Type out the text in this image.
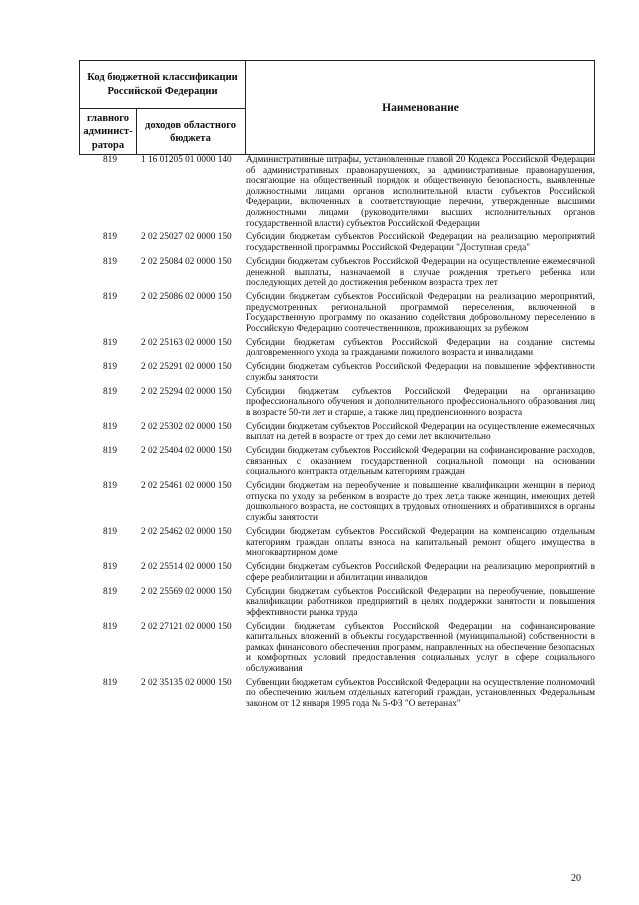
Код бюджетной классификации Российской Федерации
главного админист-ратора
доходов областного бюджета
Наименование
819	1 16 01205 01 0000 140	Административные штрафы, установленные главой 20 Кодекса Российской Федерации об административных правонарушениях, за административные правонарушения, посягающие на общественный порядок и общественную безопасность, выявленные должностными лицами органов исполнительной власти субъектов Российской Федерации, включенных в соответствующие перечни, утвержденные высшими должностными лицами (руководителями высших исполнительных органов государственной власти) субъектов Российской Федерации
819	2 02 25027 02 0000 150	Субсидии бюджетам субъектов Российской Федерации на реализацию мероприятий государственной программы Российской Федерации "Доступная среда"
819	2 02 25084 02 0000 150	Субсидии бюджетам субъектов Российской Федерации на осуществление ежемесячной денежной выплаты, назначаемой в случае рождения третьего ребенка или последующих детей до достижения ребенком возраста трех лет
819	2 02 25086 02 0000 150	Субсидии бюджетам субъектов Российской Федерации на реализацию мероприятий, предусмотренных региональной программой переселения, включенной в Государственную программу по оказанию содействия добровольному переселению в Российскую Федерацию соотечественников, проживающих за рубежом
819	2 02 25163 02 0000 150	Субсидии бюджетам субъектов Российской Федерации на создание системы долговременного ухода за гражданами пожилого возраста и инвалидами
819	2 02 25291 02 0000 150	Субсидии бюджетам субъектов Российской Федерации на повышение эффективности службы занятости
819	2 02 25294 02 0000 150	Субсидии бюджетам субъектов Российской Федерации на организацию профессионального обучения и дополнительного профессионального образования лиц в возрасте 50-ти лет и старше, а также лиц предпенсионного возраста
819	2 02 25302 02 0000 150	Субсидии бюджетам субъектов Российской Федерации на осуществление ежемесячных выплат на детей в возрасте от трех до семи лет включительно
819	2 02 25404 02 0000 150	Субсидии бюджетам субъектов Российской Федерации на софинансирование расходов, связанных с оказанием государственной социальной помощи на основании социального контракта отдельным категориям граждан
819	2 02 25461 02 0000 150	Субсидии бюджетам на переобучение и повышение квалификации женщин в период отпуска по уходу за ребенком в возрасте до трех лет,а также женщин, имеющих детей дошкольного возраста, не состоящих в трудовых отношениях и обратившихся в органы службы занятости
819	2 02 25462 02 0000 150	Субсидии бюджетам субъектов Российской Федерации на компенсацию отдельным категориям граждан оплаты взноса на капитальный ремонт общего имущества в многоквартирном доме
819	2 02 25514 02 0000 150	Субсидии бюджетам субъектов Российской Федерации на реализацию мероприятий в сфере реабилитации и абилитации инвалидов
819	2 02 25569 02 0000 150	Субсидии бюджетам субъектов Российской Федерации на переобучение, повышение квалификации работников предприятий в целях поддержки занятости и повышения эффективности рынка труда
819	2 02 27121 02 0000 150	Субсидии бюджетам субъектов Российской Федерации на софинансирование капитальных вложений в объекты государственной (муниципальной) собственности в рамках финансового обеспечения программ, направленных на обеспечение безопасных и комфортных условий предоставления социальных услуг в сфере социального обслуживания
819	2 02 35135 02 0000 150	Субвенции бюджетам субъектов Российской Федерации на осуществление полномочий по обеспечению жильем отдельных категорий граждан, установленных Федеральным законом от 12 января 1995 года № 5-ФЗ "О ветеранах"
20
